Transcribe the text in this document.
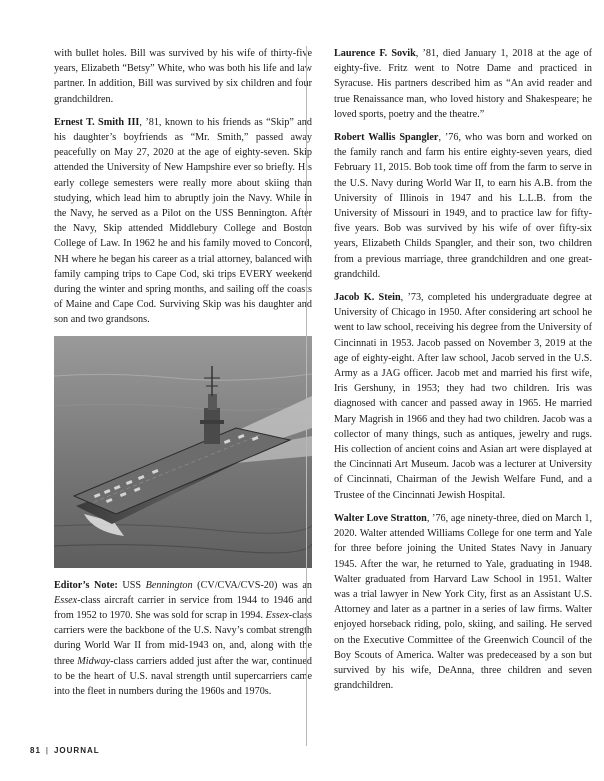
with bullet holes. Bill was survived by his wife of thirty-five years, Elizabeth “Betsy” White, who was both his life and law partner. In addition, Bill was survived by six children and four grandchildren.

Ernest T. Smith III, ’81, known to his friends as “Skip” and his daughter’s boyfriends as “Mr. Smith,” passed away peacefully on May 27, 2020 at the age of eighty-seven. Skip attended the University of New Hampshire ever so briefly. His early college semesters were really more about skiing than studying, which lead him to abruptly join the Navy. While in the Navy, he served as a Pilot on the USS Bennington. After the Navy, Skip attended Middlebury College and Boston College of Law. In 1962 he and his family moved to Concord, NH where he began his career as a trial attorney, balanced with family camping trips to Cape Cod, ski trips EVERY weekend during the winter and spring months, and sailing off the coasts of Maine and Cape Cod. Surviving Skip was his daughter and son and two grandsons.

Editor’s Note: USS Bennington (CV/CVA/CVS-20) was an Essex-class aircraft carrier in service from 1944 to 1946 and from 1952 to 1970. She was sold for scrap in 1994. Essex-class carriers were the backbone of the U.S. Navy’s combat strength during World War II from mid-1943 on, and, along with the three Midway-class carriers added just after the war, continued to be the heart of U.S. naval strength until supercarriers came into the fleet in numbers during the 1960s and 1970s.

Laurence F. Sovik, ’81, died January 1, 2018 at the age of eighty-five. Fritz went to Notre Dame and practiced in Syracuse. His partners described him as “An avid reader and true Renaissance man, who loved history and Shakespeare; he loved sports, poetry and the theatre.”

Robert Wallis Spangler, ’76, who was born and worked on the family ranch and farm his entire eighty-seven years, died February 11, 2015. Bob took time off from the farm to serve in the U.S. Navy during World War II, to earn his A.B. from the University of Illinois in 1947 and his L.L.B. from the University of Missouri in 1949, and to practice law for fifty-five years. Bob was survived by his wife of over fifty-six years, Elizabeth Childs Spangler, and their son, two children from a previous marriage, three grandchildren and one great-grandchild.

Jacob K. Stein, ’73, completed his undergraduate degree at University of Chicago in 1950. After considering art school he went to law school, receiving his degree from the University of Cincinnati in 1953. Jacob passed on November 3, 2019 at the age of eighty-eight. After law school, Jacob served in the U.S. Army as a JAG officer. Jacob met and married his first wife, Iris Gershuny, in 1953; they had two children. Iris was diagnosed with cancer and passed away in 1965. He married Mary Magrish in 1966 and they had two children. Jacob was a collector of many things, such as antiques, jewelry and rugs. His collection of ancient coins and Asian art were displayed at the Cincinnati Art Museum. Jacob was a lecturer at University of Cincinnati, Chairman of the Jewish Welfare Fund, and a Trustee of the Cincinnati Jewish Hospital.

Walter Love Stratton, ’76, age ninety-three, died on March 1, 2020. Walter attended Williams College for one term and Yale for three before joining the United States Navy in January 1945. After the war, he returned to Yale, graduating in 1948. Walter graduated from Harvard Law School in 1951. Walter was a trial lawyer in New York City, first as an Assistant U.S. Attorney and later as a partner in a series of law firms. Walter enjoyed horseback riding, polo, skiing, and sailing. He served on the Executive Committee of the Greenwich Council of the Boy Scouts of America. Walter was predeceased by a son but survived by his wife, DeAnna, three children and seven grandchildren.

81 | JOURNAL
